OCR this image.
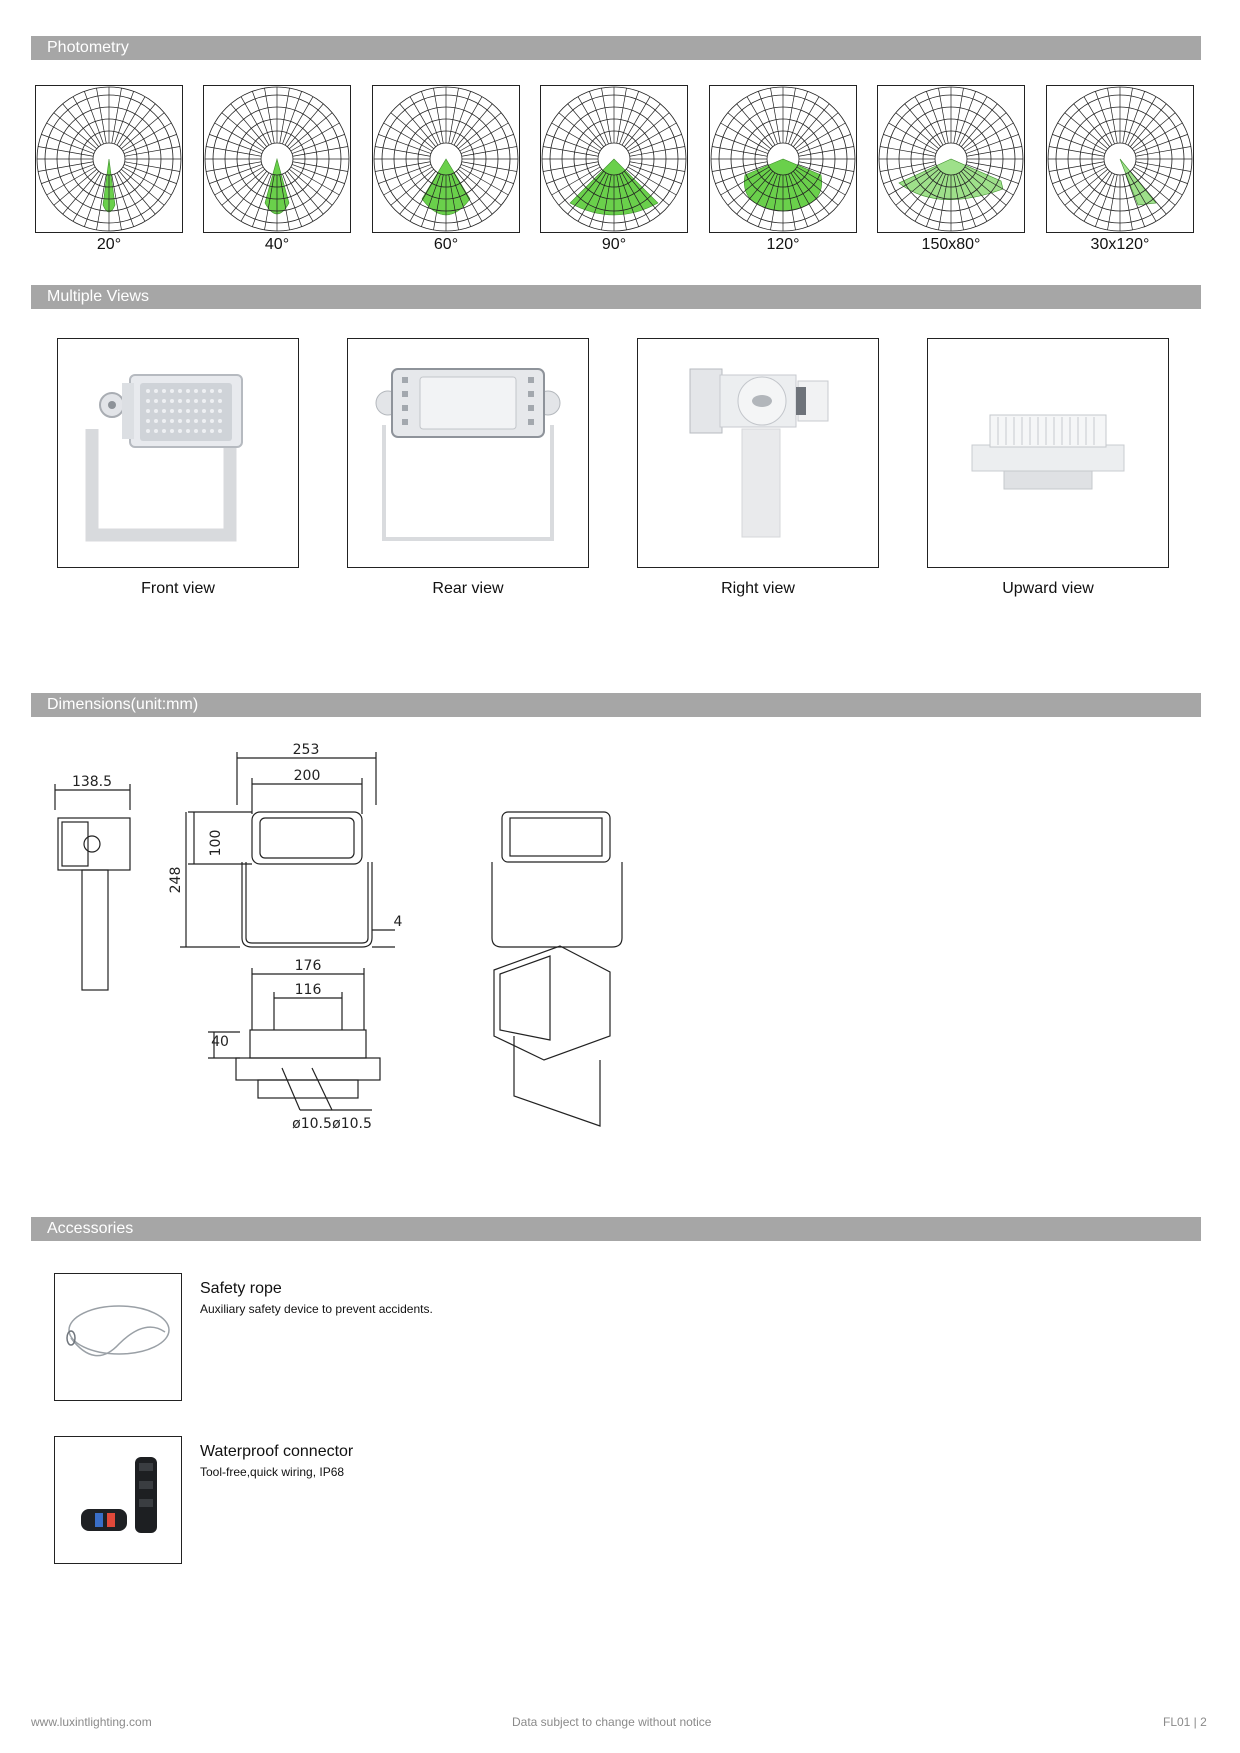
Photometry
Multiple Views
Dimensions(unit:mm)
Accessories
20°	40°	60°	90°	120°	150x80°	30x120°
Front view	Rear view	Right view	Upward view
138.5
253
200
100
248
4
176
116
40
ø10.5 ø10.5
Safety rope
Auxiliary safety device to prevent accidents.
Waterproof connector
Tool-free,quick wiring, IP68
www.luxintlighting.com	Data subject to change without notice	FL01 | 2
